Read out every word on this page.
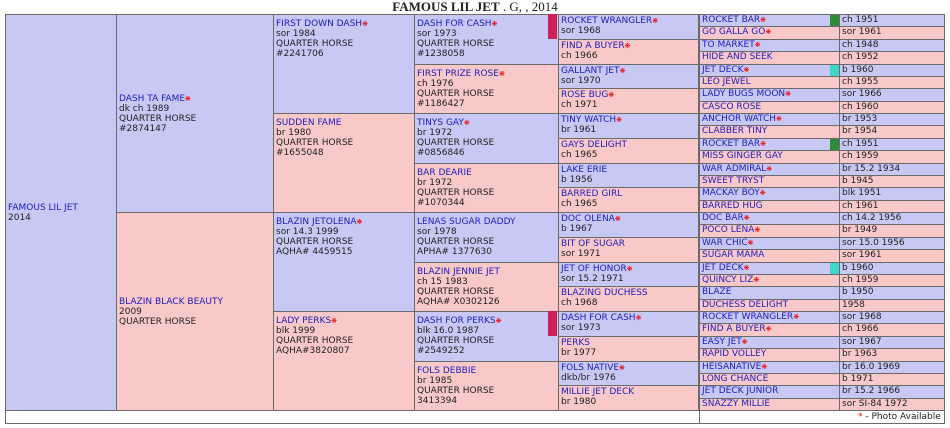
FAMOUS LIL JET . G, , 2014
FAMOUS LIL JET
2014
DASH TA FAME❋
dk ch 1989
QUARTER HORSE
#2874147
BLAZIN BLACK BEAUTY
2009
QUARTER HORSE
FIRST DOWN DASH❋
sor 1984
QUARTER HORSE
#2241706
SUDDEN FAME
br 1980
QUARTER HORSE
#1655048
BLAZIN JETOLENA❋
sor 14.3 1999
QUARTER HORSE
AQHA# 4459515
LADY PERKS❋
blk 1999
QUARTER HORSE
AQHA#3820807
DASH FOR CASH❋
sor 1973
QUARTER HORSE
#1238058
FIRST PRIZE ROSE❋
ch 1976
QUARTER HORSE
#1186427
TINYS GAY❋
br 1972
QUARTER HORSE
#0856846
BAR DEARIE
br 1972
QUARTER HORSE
#1070344
LENAS SUGAR DADDY
sor 1978
QUARTER HORSE
APHA# 1377630
BLAZIN JENNIE JET
ch 15 1983
QUARTER HORSE
AQHA# X0302126
DASH FOR PERKS❋
blk 16.0 1987
QUARTER HORSE
#2549252
FOLS DEBBIE
br 1985
QUARTER HORSE
3413394
ROCKET WRANGLER❋
sor 1968
FIND A BUYER❋
ch 1966
GALLANT JET❋
sor 1970
ROSE BUG❋
ch 1971
TINY WATCH❋
br 1961
GAYS DELIGHT
ch 1965
LAKE ERIE
b 1956
BARRED GIRL
ch 1965
DOC OLENA❋
b 1967
BIT OF SUGAR
sor 1971
JET OF HONOR❋
sor 15.2 1971
BLAZING DUCHESS
ch 1968
DASH FOR CASH❋
sor 1973
PERKS
br 1977
FOLS NATIVE❋
dkb/br 1976
MILLIE JET DECK
br 1980
ROCKET BAR❋	ch 1951
GO GALLA GO❋	sor 1961
TO MARKET❋	ch 1948
HIDE AND SEEK	ch 1952
JET DECK❋	b 1960
LEO JEWEL	ch 1955
LADY BUGS MOON❋	sor 1966
CASCO ROSE	ch 1960
ANCHOR WATCH❋	br 1953
CLABBER TINY	br 1954
ROCKET BAR❋	ch 1951
MISS GINGER GAY	ch 1959
WAR ADMIRAL❋	br 15.2 1934
SWEET TRYST	b 1945
MACKAY BOY❋	blk 1951
BARRED HUG	ch 1961
DOC BAR❋	ch 14.2 1956
POCO LENA❋	br 1949
WAR CHIC❋	sor 15.0 1956
SUGAR MAMA	sor 1961
JET DECK❋	b 1960
QUINCY LIZ❋	ch 1959
BLAZE	b 1950
DUCHESS DELIGHT	1958
ROCKET WRANGLER❋	sor 1968
FIND A BUYER❋	ch 1966
EASY JET❋	sor 1967
RAPID VOLLEY	br 1963
HEISANATIVE❋	br 16.0 1969
LONG CHANCE	b 1971
JET DECK JUNIOR	br 15.2 1966
SNAZZY MILLIE	sor SI-84 1972
* - Photo Available
